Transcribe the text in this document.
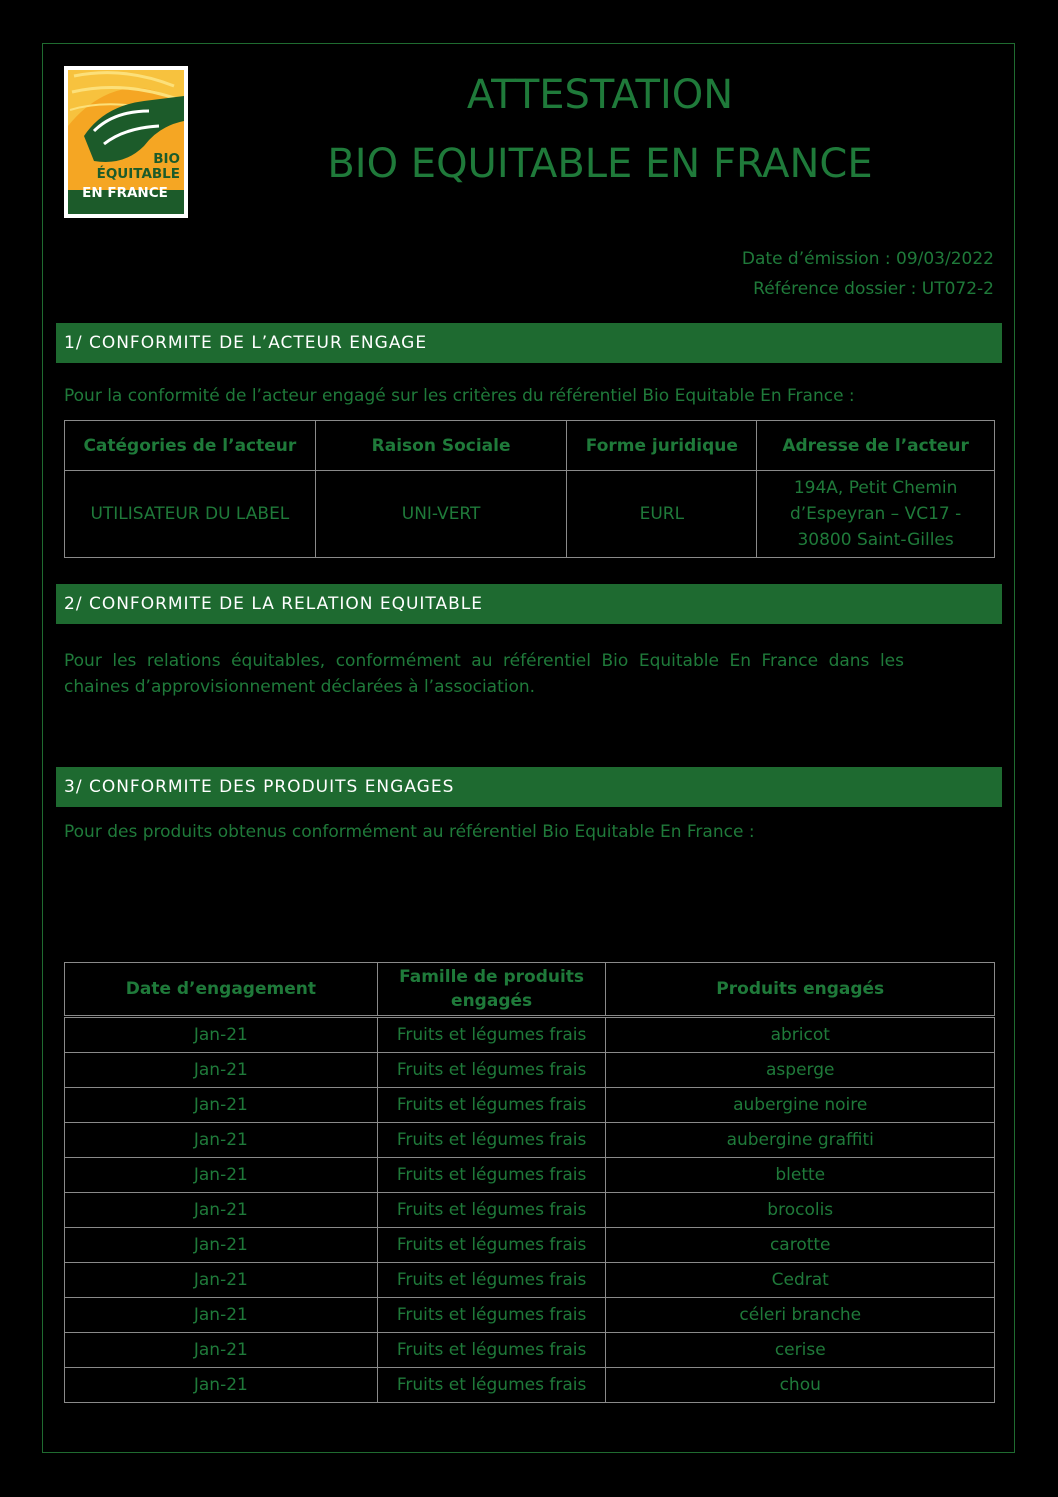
BIO
ÉQUITABLE
EN FRANCE
ATTESTATION
BIO EQUITABLE EN FRANCE
Date d’émission : 09/03/2022
Référence dossier : UT072-2
1/ CONFORMITE DE L’ACTEUR ENGAGE
Pour la conformité de l’acteur engagé sur les critères du référentiel Bio Equitable En France :
Catégories de l’acteur	Raison Sociale	Forme juridique	Adresse de l’acteur
UTILISATEUR DU LABEL	UNI-VERT	EURL	194A, Petit Chemin
d’Espeyran – VC17 -
30800 Saint-Gilles
2/ CONFORMITE DE LA RELATION EQUITABLE
Pour les relations équitables, conformément au référentiel Bio Equitable En France dans les chaines d’approvisionnement déclarées à l’association.
3/ CONFORMITE DES PRODUITS ENGAGES
Pour des produits obtenus conformément au référentiel Bio Equitable En France :
Date d’engagement	Famille de produits
engagés	Produits engagés
Jan-21	Fruits et légumes frais	abricot
Jan-21	Fruits et légumes frais	asperge
Jan-21	Fruits et légumes frais	aubergine noire
Jan-21	Fruits et légumes frais	aubergine graffiti
Jan-21	Fruits et légumes frais	blette
Jan-21	Fruits et légumes frais	brocolis
Jan-21	Fruits et légumes frais	carotte
Jan-21	Fruits et légumes frais	Cedrat
Jan-21	Fruits et légumes frais	céleri branche
Jan-21	Fruits et légumes frais	cerise
Jan-21	Fruits et légumes frais	chou
